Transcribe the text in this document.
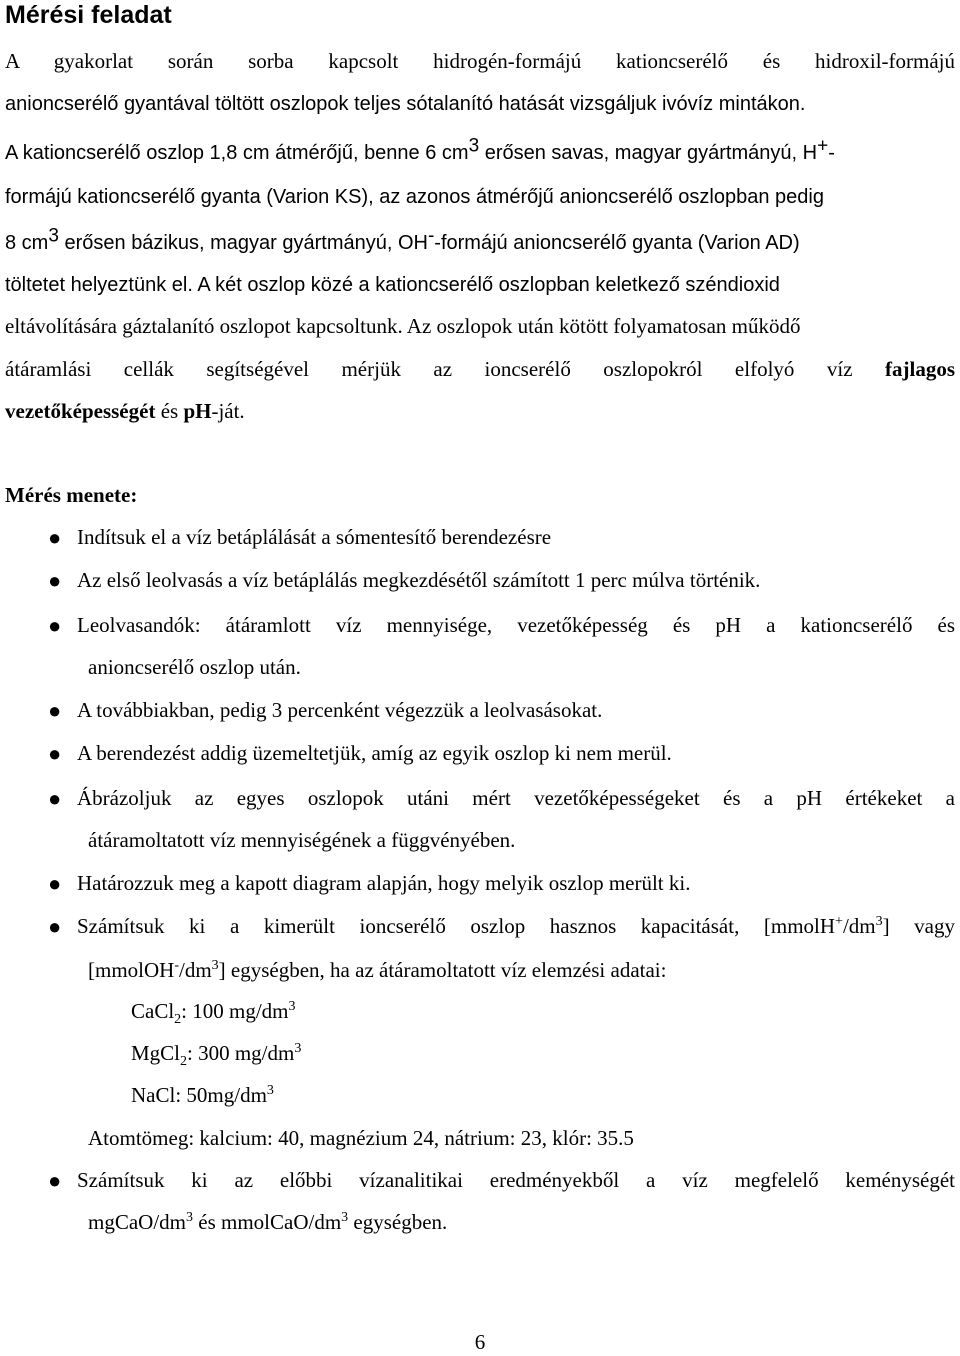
Mérési feladat
A gyakorlat során sorba kapcsolt hidrogén-formájú kationcserélő és hidroxil-formájú
anioncserélő gyantával töltött oszlopok teljes sótalanító hatását vizsgáljuk ivóvíz mintákon.
A kationcserélő oszlop 1,8 cm átmérőjű, benne 6 $cm^3$ erősen savas, magyar gyártmányú, H+-
formájú kationcserélő gyanta (Varion KS), az azonos átmérőjű anioncserélő oszlopban pedig
8 $cm^3$ erősen bázikus, magyar gyártmányú, OH--formájú anioncserélő gyanta (Varion AD)
töltetet helyeztünk el. A két oszlop közé a kationcserélő oszlopban keletkező széndioxid
eltávolítására gáztalanító oszlopot kapcsoltunk. Az oszlopok után kötött folyamatosan működő
átáramlási cellák segítségével mérjük az ioncserélő oszlopokról elfolyó víz fajlagos
vezetőképességét és pH-ját.
Mérés menete:
● Indítsuk el a víz betáplálását a sómentesítő berendezésre
● Az első leolvasás a víz betáplálás megkezdésétől számított 1 perc múlva történik.
● Leolvasandók: átáramlott víz mennyisége, vezetőképesség és pH a kationcserélő és
anioncserélő oszlop után.
● A továbbiakban, pedig 3 percenként végezzük a leolvasásokat.
● A berendezést addig üzemeltetjük, amíg az egyik oszlop ki nem merül.
● Ábrázoljuk az egyes oszlopok utáni mért vezetőképességeket és a pH értékeket a
átáramoltatott víz mennyiségének a függvényében.
● Határozzuk meg a kapott diagram alapján, hogy melyik oszlop merült ki.
● Számítsuk ki a kimerült ioncserélő oszlop hasznos kapacitását, $[mmolH^+/dm^3]$ vagy
$[mmolOH^-/dm^3]$ egységben, ha az átáramoltatott víz elemzési adatai:
CaCl$_2$: 100 $mg/dm^3$
MgCl$_2$: 300 $mg/dm^3$
NaCl: $50mg/dm^3$
Atomtömeg: kalcium: 40, magnézium 24, nátrium: 23, klór: 35.5
● Számítsuk ki az előbbi vízanalitikai eredményekből a víz megfelelő keménységét
mgCaO/$dm^3$ és mmolCaO/$dm^3$ egységben.
6
